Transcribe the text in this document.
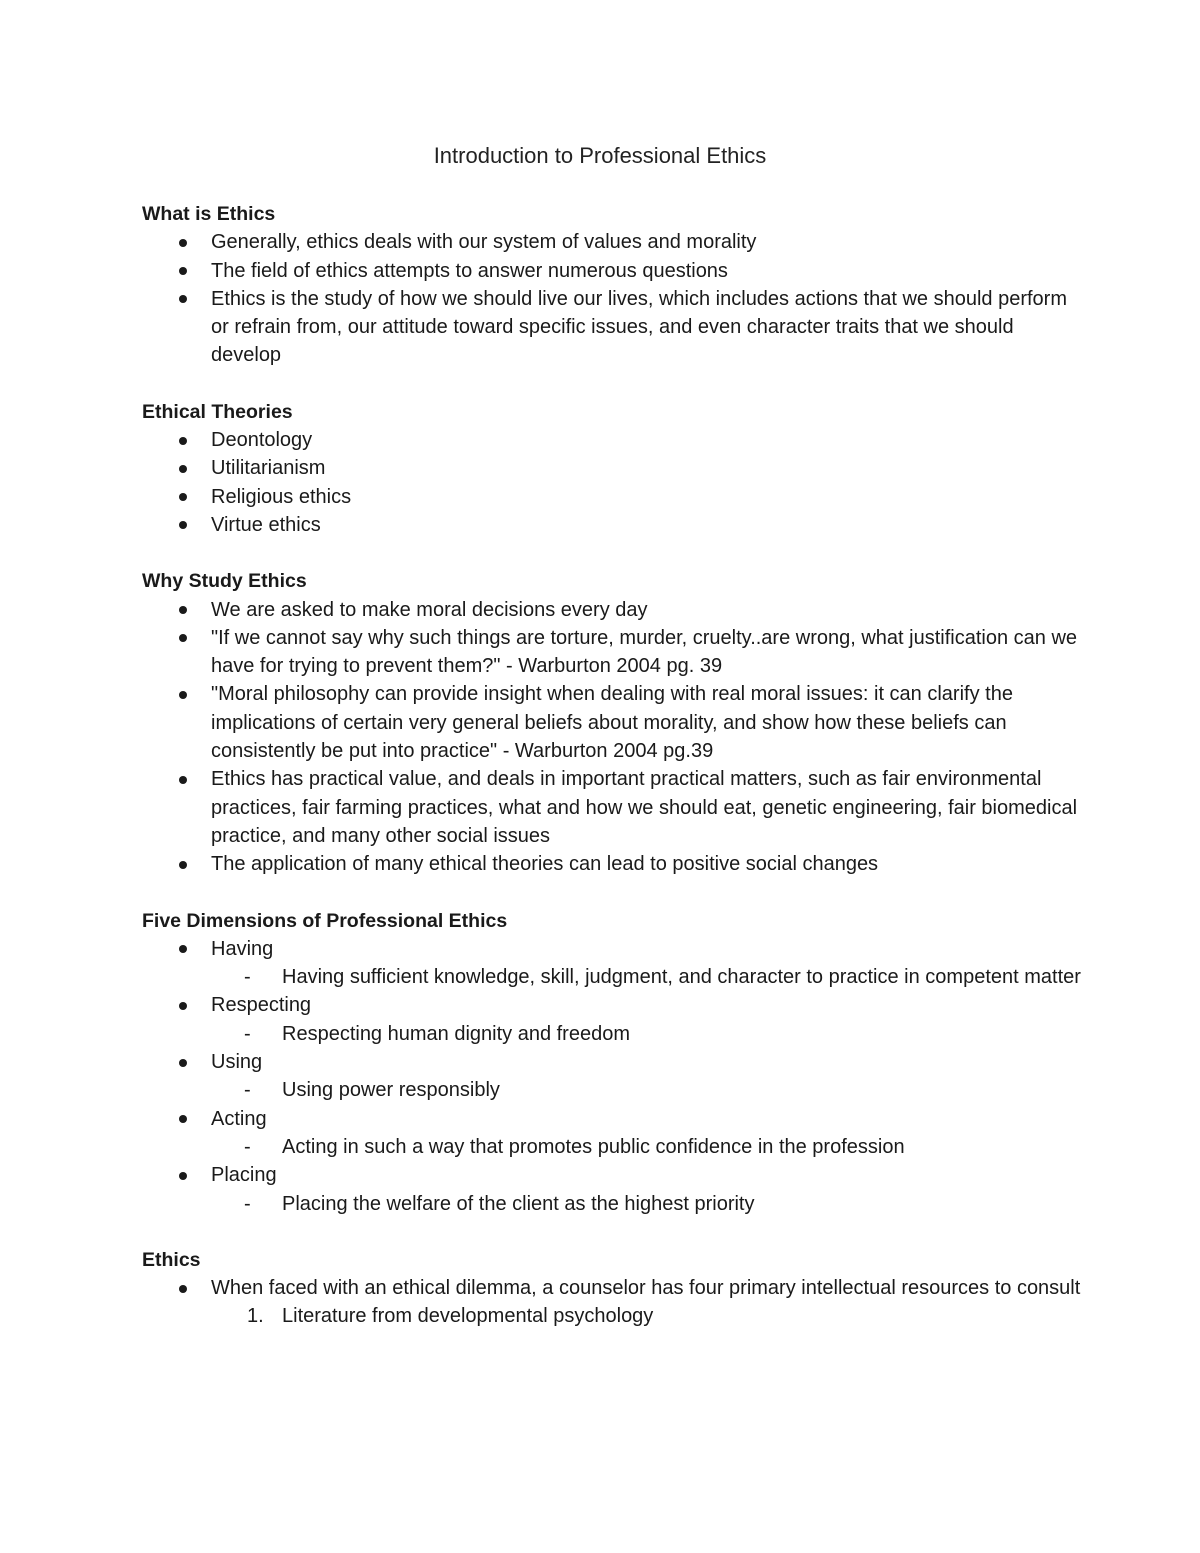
Introduction to Professional Ethics

What is Ethics

Generally, ethics deals with our system of values and morality
The field of ethics attempts to answer numerous questions
Ethics is the study of how we should live our lives, which includes actions that we should perform or refrain from, our attitude toward specific issues, and even character traits that we should develop

Ethical Theories

Deontology
Utilitarianism
Religious ethics
Virtue ethics

Why Study Ethics

We are asked to make moral decisions every day
"If we cannot say why such things are torture, murder, cruelty..are wrong, what justification can we have for trying to prevent them?" - Warburton 2004 pg. 39
"Moral philosophy can provide insight when dealing with real moral issues: it can clarify the implications of certain very general beliefs about morality, and show how these beliefs can consistently be put into practice" - Warburton 2004 pg.39
Ethics has practical value, and deals in important practical matters, such as fair environmental practices, fair farming practices, what and how we should eat, genetic engineering, fair biomedical practice, and many other social issues
The application of many ethical theories can lead to positive social changes

Five Dimensions of Professional Ethics

Having
- Having sufficient knowledge, skill, judgment, and character to practice in competent matter
Respecting
- Respecting human dignity and freedom
Using
- Using power responsibly
Acting
- Acting in such a way that promotes public confidence in the profession
Placing
- Placing the welfare of the client as the highest priority

Ethics

When faced with an ethical dilemma, a counselor has four primary intellectual resources to consult
1. Literature from developmental psychology
